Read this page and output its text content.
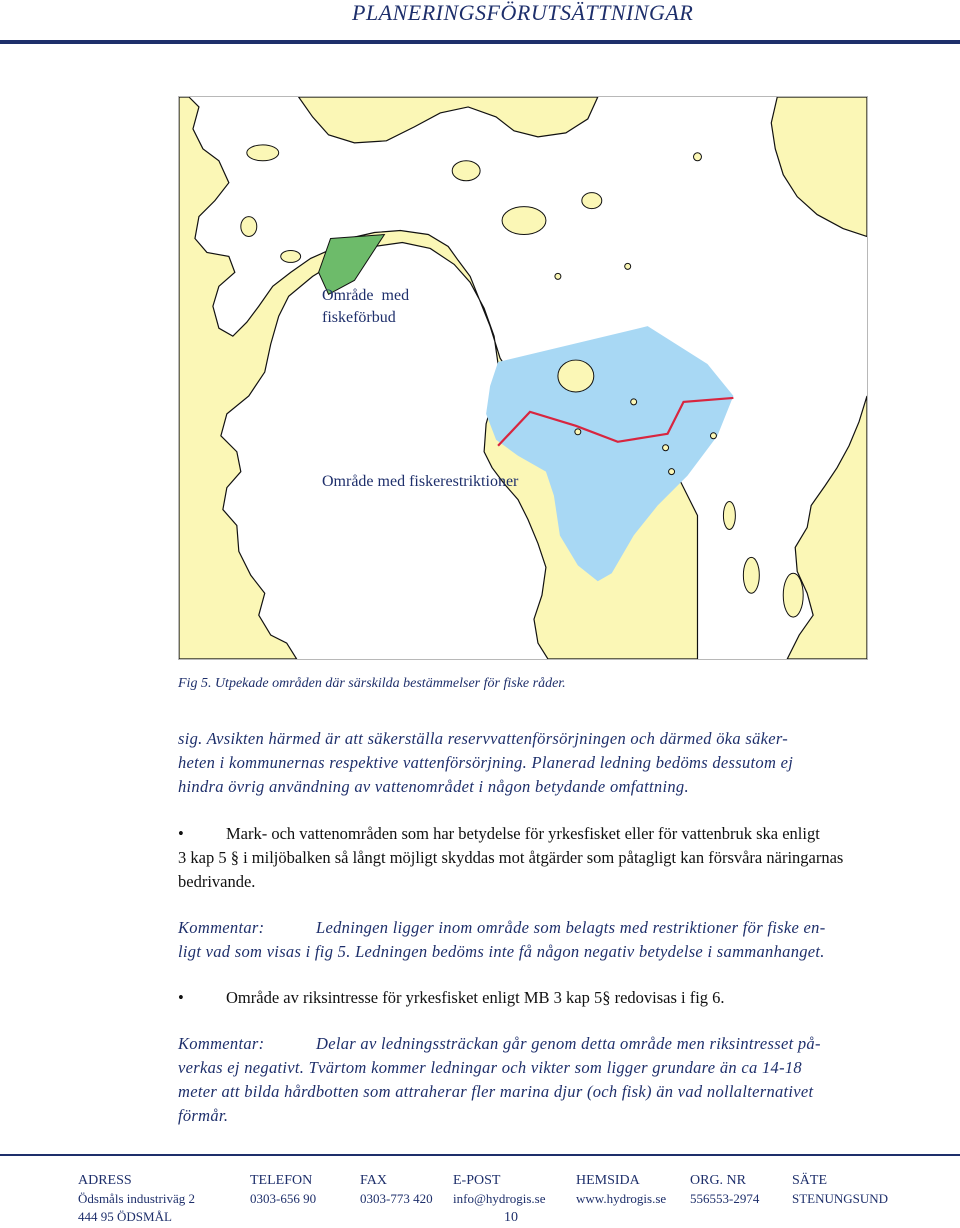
PLANERINGSFÖRUTSÄTTNINGAR
Område  med
fiskeförbud
Område med fiskerestriktioner
Fig 5. Utpekade områden där särskilda bestämmelser för fiske råder.
sig. Avsikten härmed är att säkerställa reservvattenförsörjningen och därmed öka säker-
heten i kommunernas respektive vattenförsörjning. Planerad ledning bedöms dessutom ej
hindra övrig användning av vattenområdet i någon betydande omfattning.
•	Mark- och vattenområden som har betydelse för yrkesfisket eller för vattenbruk ska enligt
3 kap 5 § i miljöbalken så långt möjligt skyddas mot åtgärder som påtagligt kan försvåra näringarnas
bedrivande.
Kommentar:	Ledningen ligger inom område som belagts med restriktioner för fiske en-
ligt vad som visas i fig 5. Ledningen bedöms inte få någon negativ betydelse i sammanhanget.
•	Område av riksintresse för yrkesfisket enligt MB 3 kap 5§ redovisas i fig 6.
Kommentar:	Delar av ledningssträckan går genom detta område men riksintresset på-
verkas ej negativt. Tvärtom kommer ledningar och vikter som ligger grundare än ca 14-18
meter att bilda hårdbotten som attraherar fler marina djur (och fisk) än vad nollalternativet
förmår.
ADRESS
Ödsmåls industriväg 2
444 95 ÖDSMÅL
TELEFON
0303-656 90
FAX
0303-773 420
E-POST
info@hydrogis.se
HEMSIDA
www.hydrogis.se
ORG. NR
556553-2974
SÄTE
STENUNGSUND
10
